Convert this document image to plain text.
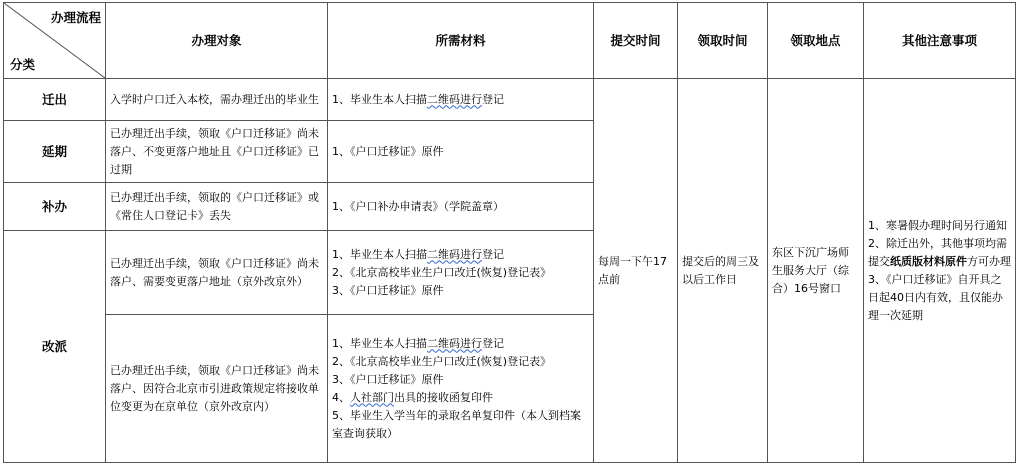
办理流程
分类	办理对象	所需材料	提交时间	领取时间	领取地点	其他注意事项
迁出	入学时户口迁入本校，需办理迁出的毕业生	1、毕业生本人扫描二维码进行登记	每周一下午17点前	提交后的周三及以后工作日	东区下沉广场师生服务大厅（综合）16号窗口	1、寒暑假办理时间另行通知
2、除迁出外，其他事项均需提交纸质版材料原件方可办理
3、《户口迁移证》自开具之日起40日内有效，且仅能办理一次延期

延期	已办理迁出手续，领取《户口迁移证》尚未落户、不变更落户地址且《户口迁移证》已过期	1、《户口迁移证》原件				

补办	已办理迁出手续，领取的《户口迁移证》或《常住人口登记卡》丢失	1、《户口补办申请表》（学院盖章）				

改派	已办理迁出手续，领取《户口迁移证》尚未落户、需要变更落户地址（京外改京外）	1、毕业生本人扫描二维码进行登记
2、《北京高校毕业生户口改迁(恢复)登记表》
3、《户口迁移证》原件				

	已办理迁出手续，领取《户口迁移证》尚未落户、因符合北京市引进政策规定将接收单位变更为在京单位（京外改京内）	1、毕业生本人扫描二维码进行登记
2、《北京高校毕业生户口改迁(恢复)登记表》
3、《户口迁移证》原件
4、人社部门出具的接收函复印件
5、毕业生入学当年的录取名单复印件（本人到档案室查询获取）				
